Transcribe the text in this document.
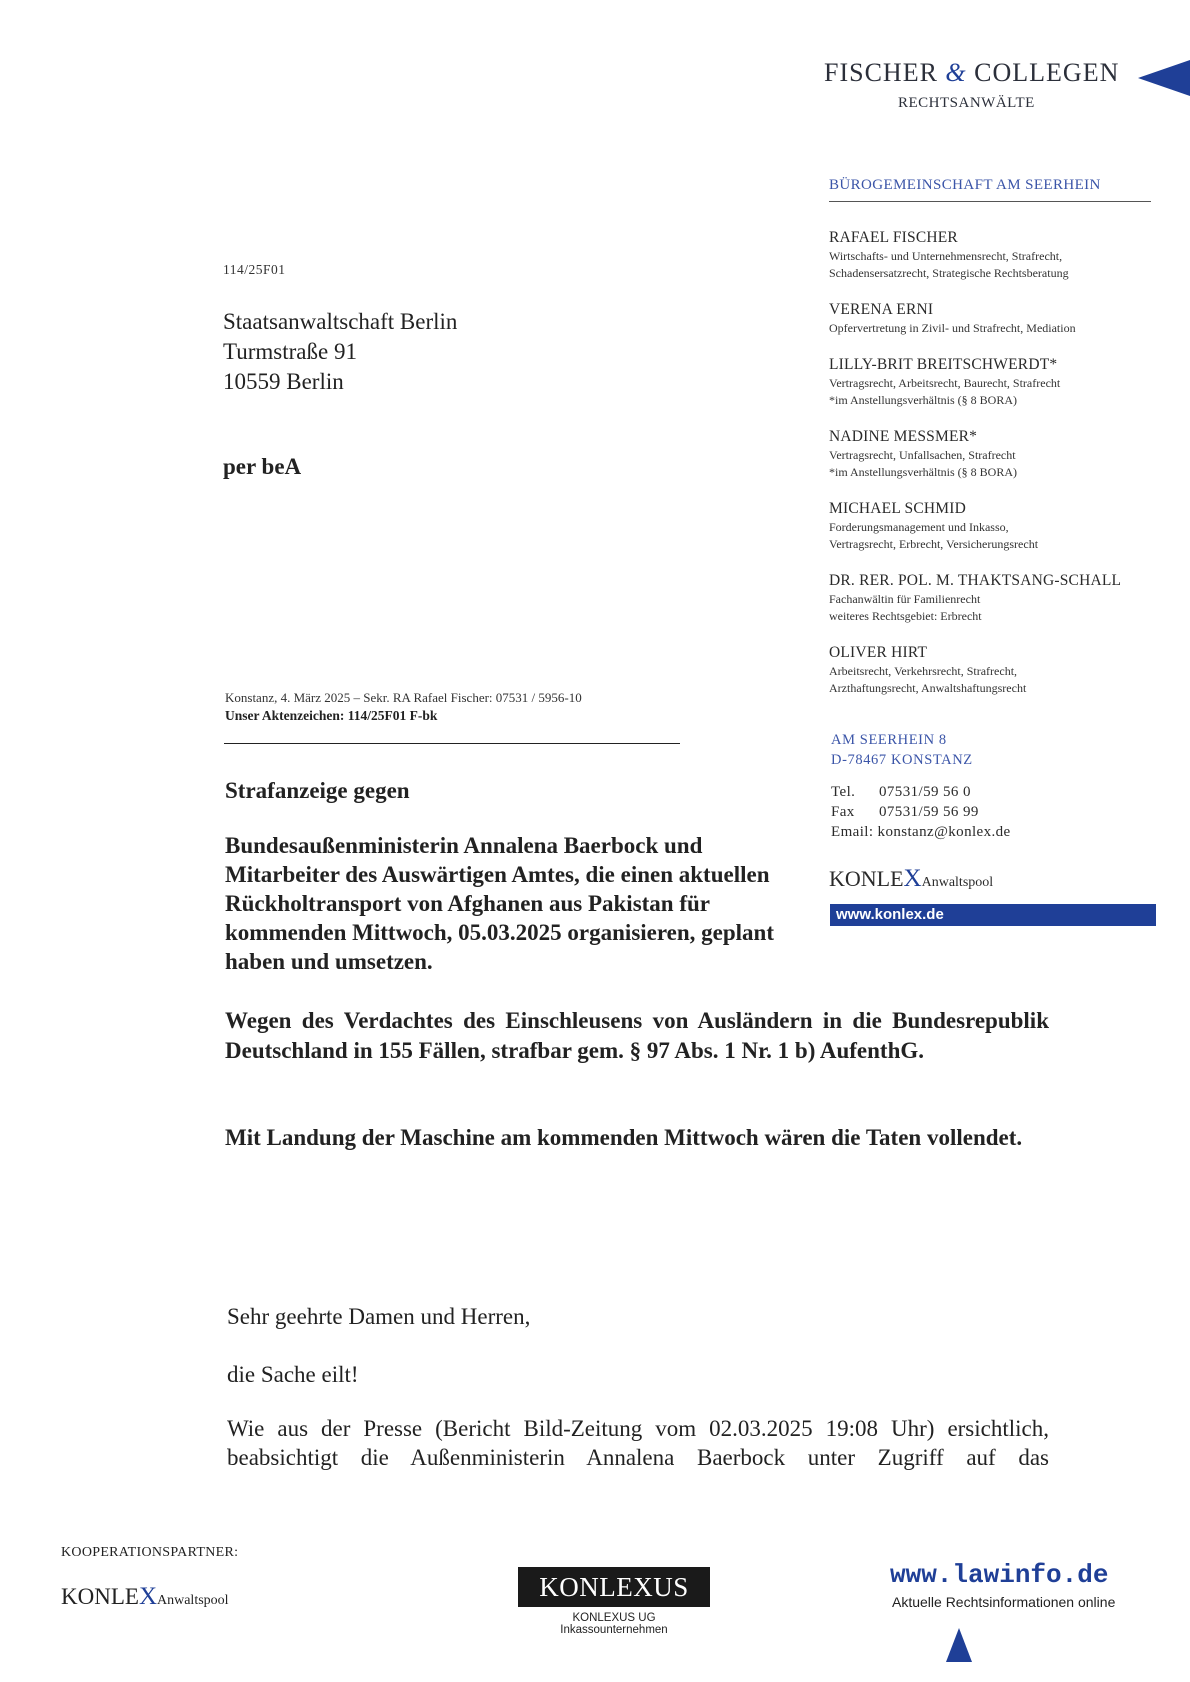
FISCHER & COLLEGEN
RECHTSANWÄLTE
BÜROGEMEINSCHAFT AM SEERHEIN
RAFAEL FISCHER
Wirtschafts- und Unternehmensrecht, Strafrecht,
Schadensersatzrecht, Strategische Rechtsberatung
VERENA ERNI
Opfervertretung in Zivil- und Strafrecht, Mediation
LILLY-BRIT BREITSCHWERDT*
Vertragsrecht, Arbeitsrecht, Baurecht, Strafrecht
*im Anstellungsverhältnis (§ 8 BORA)
NADINE MESSMER*
Vertragsrecht, Unfallsachen, Strafrecht
*im Anstellungsverhältnis (§ 8 BORA)
MICHAEL SCHMID
Forderungsmanagement und Inkasso,
Vertragsrecht, Erbrecht, Versicherungsrecht
DR. RER. POL. M. THAKTSANG-SCHALL
Fachanwältin für Familienrecht
weiteres Rechtsgebiet: Erbrecht
OLIVER HIRT
Arbeitsrecht, Verkehrsrecht, Strafrecht,
Arzthaftungsrecht, Anwaltshaftungsrecht
AM SEERHEIN 8
D-78467 KONSTANZ
Tel. 07531/59 56 0
Fax 07531/59 56 99
Email: konstanz@konlex.de
KONLEXAnwaltspool
www.konlex.de
114/25F01
Staatsanwaltschaft Berlin
Turmstraße 91
10559 Berlin
per beA
Konstanz, 4. März 2025 – Sekr. RA Rafael Fischer: 07531 / 5956-10
Unser Aktenzeichen: 114/25F01 F-bk
Strafanzeige gegen
Bundesaußenministerin Annalena Baerbock und Mitarbeiter des Auswärtigen Amtes, die einen aktuellen Rückholtransport von Afghanen aus Pakistan für kommenden Mittwoch, 05.03.2025 organisieren, geplant haben und umsetzen.
Wegen des Verdachtes des Einschleusens von Ausländern in die Bundesrepublik Deutschland in 155 Fällen, strafbar gem. § 97 Abs. 1 Nr. 1 b) AufenthG.
Mit Landung der Maschine am kommenden Mittwoch wären die Taten vollendet.
Sehr geehrte Damen und Herren,
die Sache eilt!
Wie aus der Presse (Bericht Bild-Zeitung vom 02.03.2025 19:08 Uhr) ersichtlich, beabsichtigt die Außenministerin Annalena Baerbock unter Zugriff auf das
KOOPERATIONSPARTNER:
KONLEXAnwaltspool	KONLEXUS
KONLEXUS UG Inkassounternehmen
www.lawinfo.de
Aktuelle Rechtsinformationen online
